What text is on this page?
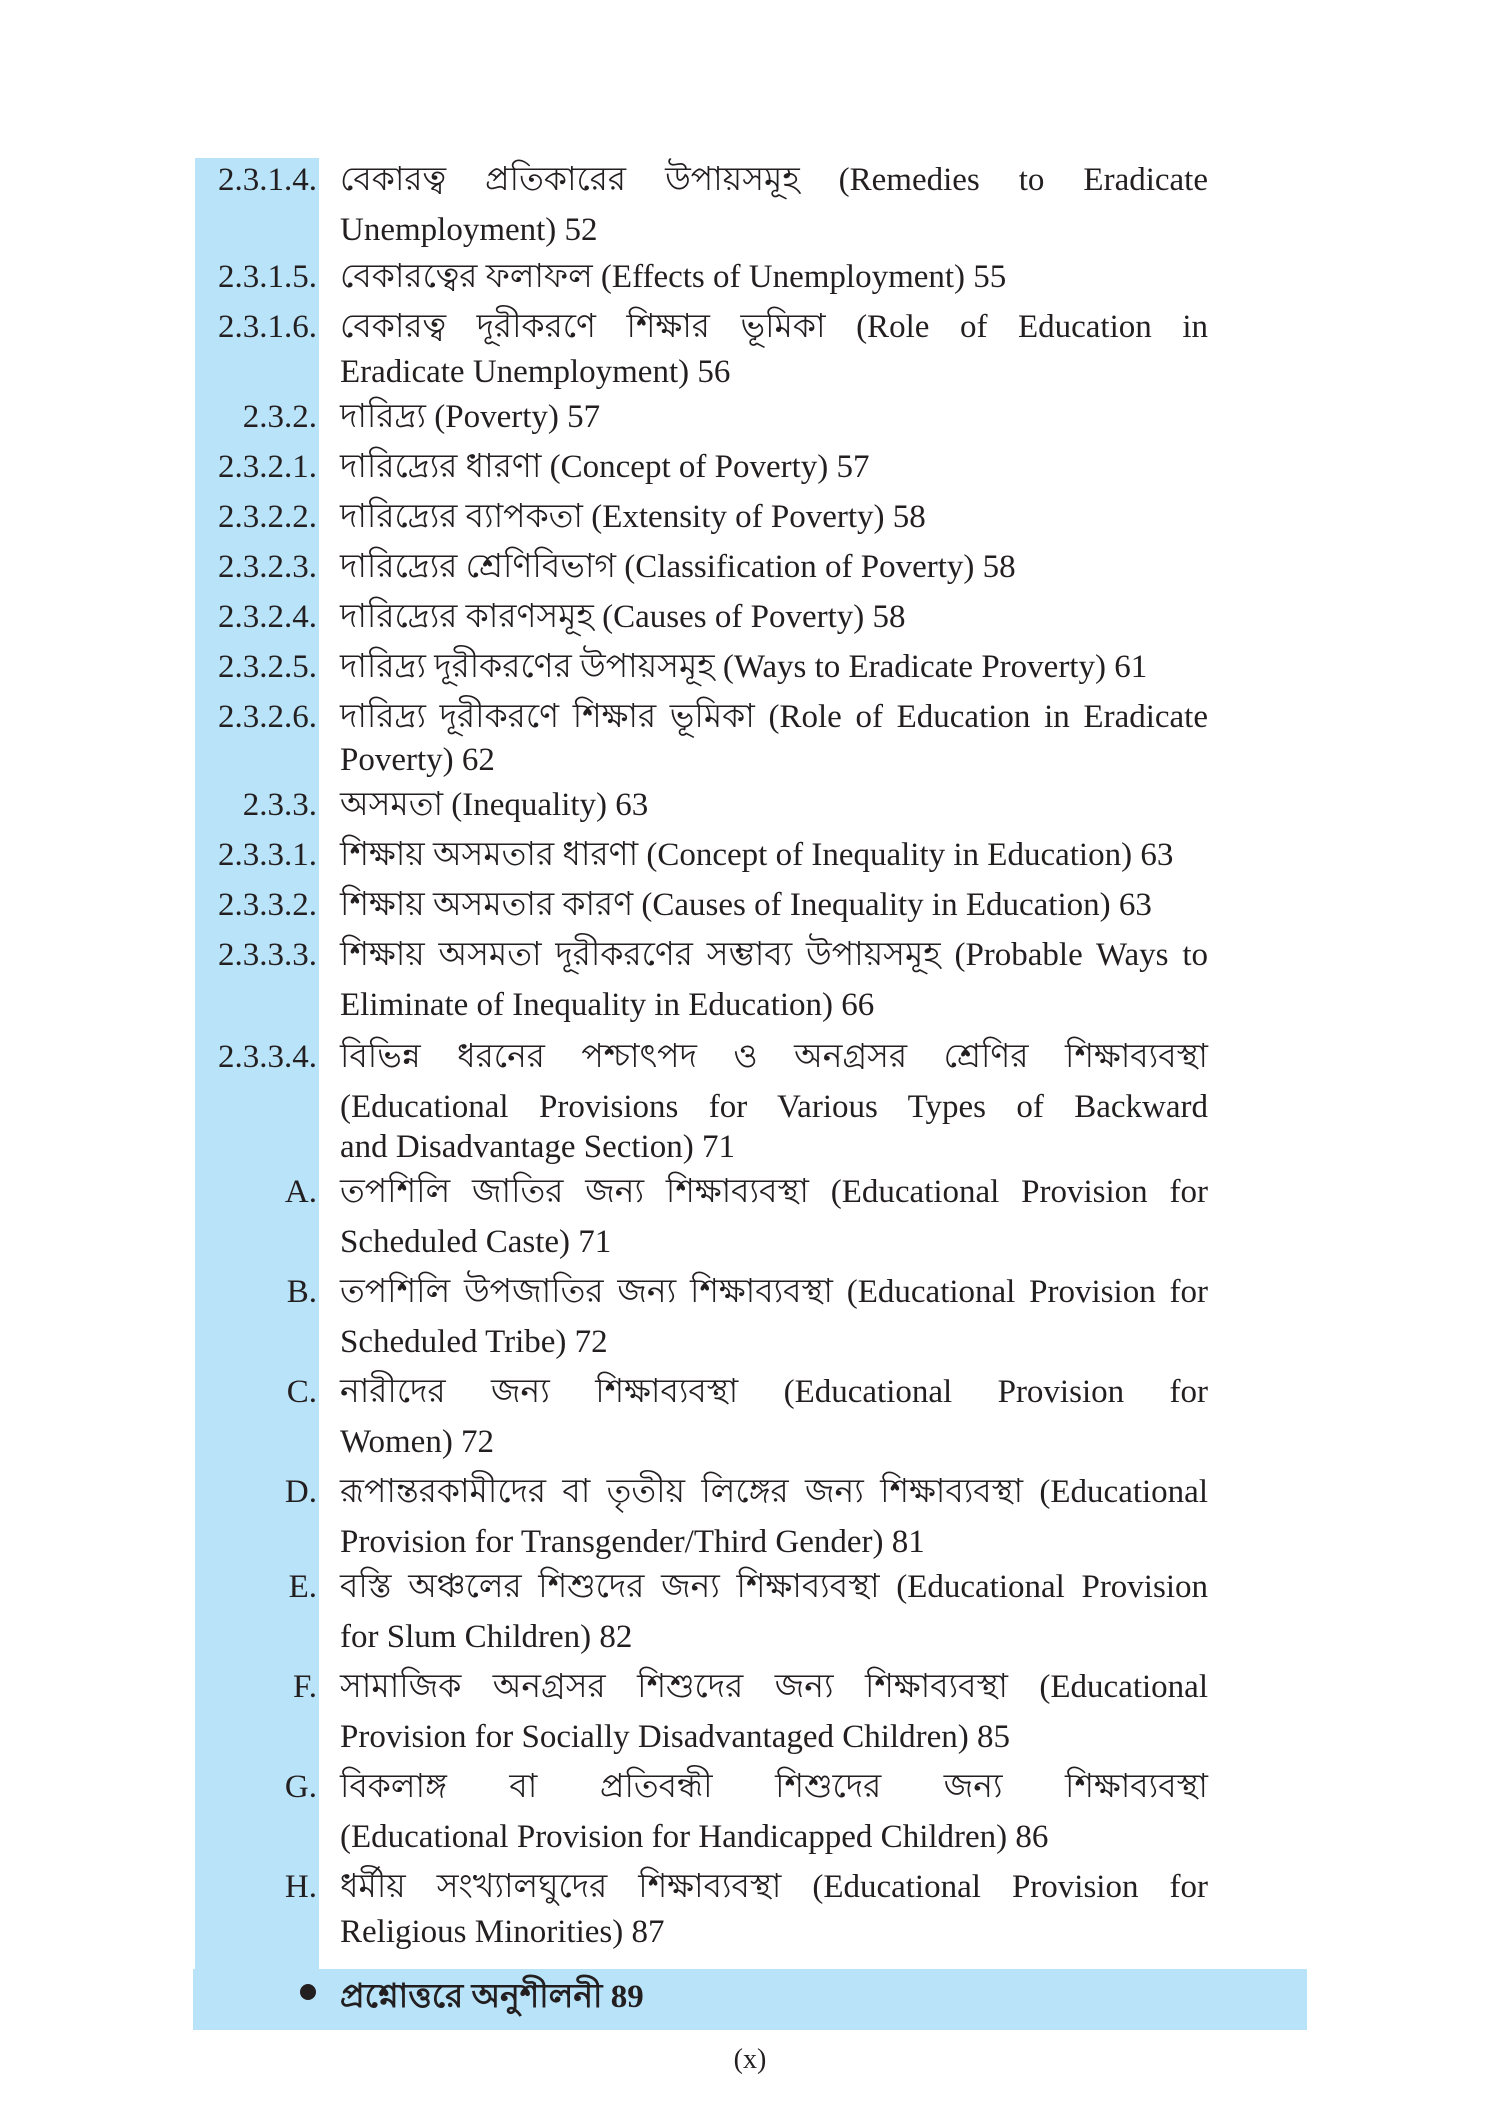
2.3.1.4. বেকারত্ব প্রতিকারের উপায়সমূহ (Remedies to Eradicate
Unemployment) 52
2.3.1.5. বেকারত্বের ফলাফল (Effects of Unemployment) 55
2.3.1.6. বেকারত্ব দূরীকরণে শিক্ষার ভূমিকা (Role of Education in
Eradicate Unemployment) 56
2.3.2. দারিদ্র্য (Poverty) 57
2.3.2.1. দারিদ্র্যের ধারণা (Concept of Poverty) 57
2.3.2.2. দারিদ্র্যের ব্যাপকতা (Extensity of Poverty) 58
2.3.2.3. দারিদ্র্যের শ্রেণিবিভাগ (Classification of Poverty) 58
2.3.2.4. দারিদ্র্যের কারণসমূহ (Causes of Poverty) 58
2.3.2.5. দারিদ্র্য দূরীকরণের উপায়সমূহ (Ways to Eradicate Proverty) 61
2.3.2.6. দারিদ্র্য দূরীকরণে শিক্ষার ভূমিকা (Role of Education in Eradicate
Poverty) 62
2.3.3. অসমতা (Inequality) 63
2.3.3.1. শিক্ষায় অসমতার ধারণা (Concept of Inequality in Education) 63
2.3.3.2. শিক্ষায় অসমতার কারণ (Causes of Inequality in Education) 63
2.3.3.3. শিক্ষায় অসমতা দূরীকরণের সম্ভাব্য উপায়সমূহ (Probable Ways to
Eliminate of Inequality in Education) 66
2.3.3.4. বিভিন্ন ধরনের পশ্চাৎপদ ও অনগ্রসর শ্রেণির শিক্ষাব্যবস্থা
(Educational Provisions for Various Types of Backward
and Disadvantage Section) 71
A. তপশিলি জাতির জন্য শিক্ষাব্যবস্থা (Educational Provision for
Scheduled Caste) 71
B. তপশিলি উপজাতির জন্য শিক্ষাব্যবস্থা (Educational Provision for
Scheduled Tribe) 72
C. নারীদের জন্য শিক্ষাব্যবস্থা (Educational Provision for
Women) 72
D. রূপান্তরকামীদের বা তৃতীয় লিঙ্গের জন্য শিক্ষাব্যবস্থা (Educational
Provision for Transgender/Third Gender) 81
E. বস্তি অঞ্চলের শিশুদের জন্য শিক্ষাব্যবস্থা (Educational Provision
for Slum Children) 82
F. সামাজিক অনগ্রসর শিশুদের জন্য শিক্ষাব্যবস্থা (Educational
Provision for Socially Disadvantaged Children) 85
G. বিকলাঙ্গ বা প্রতিবন্ধী শিশুদের জন্য শিক্ষাব্যবস্থা
(Educational Provision for Handicapped Children) 86
H. ধর্মীয় সংখ্যালঘুদের শিক্ষাব্যবস্থা (Educational Provision for
Religious Minorities) 87
প্রশ্নোত্তরে অনুশীলনী 89
(x)
